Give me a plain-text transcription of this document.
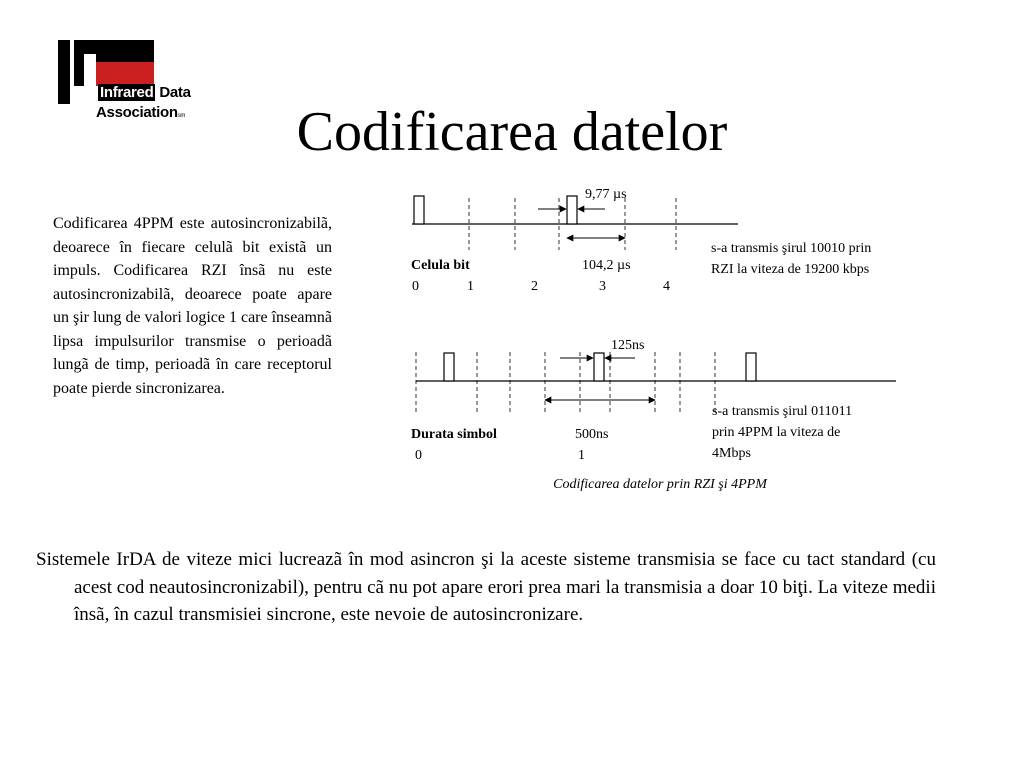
Infrared Data
Associationsm	Codificarea datelor
Codificarea 4PPM este autosincronizabilã, deoarece în fiecare celulã bit existã un impuls. Codificarea RZI însã nu este autosincronizabilã, deoarece poate apare un şir lung de valori logice 1 care înseamnã lipsa impulsurilor transmise o perioadã lungã de timp, perioadã în care receptorul poate pierde sincronizarea.
9,77 µs
104,2 µs
Celula bit
0	1	2	3	4
s-a transmis şirul 10010 prin
RZI la viteza de 19200 kbps
125ns
500ns
Durata simbol
0	1
s-a transmis şirul 011011
prin 4PPM la viteza de
4Mbps
Codificarea datelor prin RZI şi 4PPM
Sistemele IrDA de viteze mici lucreazã în mod asincron şi la aceste sisteme transmisia se face cu tact standard (cu acest cod neautosincronizabil), pentru cã nu pot apare erori prea mari la transmisia a doar 10 biţi. La viteze medii însã, în cazul transmisiei sincrone, este nevoie de autosincronizare.
